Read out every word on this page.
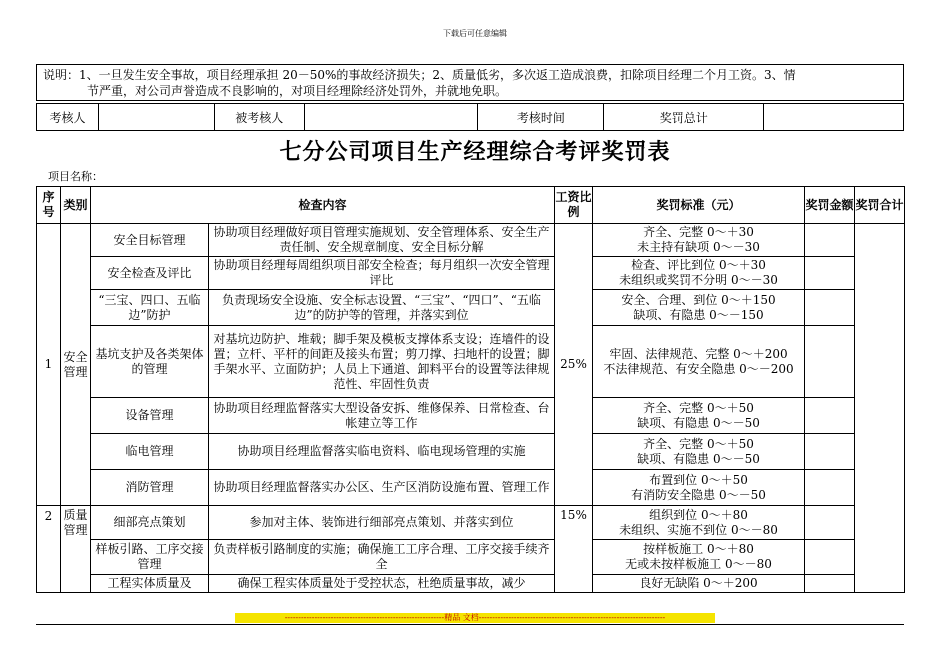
下载后可任意编辑
说明：1、一旦发生安全事故，项目经理承担 20－50%的事故经济损失；2、质量低劣，多次返工造成浪费，扣除项目经理二个月工资。3、情
节严重，对公司声誉造成不良影响的，对项目经理除经济处罚外，并就地免职。
考核人		被考核人		考核时间	奖罚总计	
七分公司项目生产经理综合考评奖罚表
项目名称：
序号	类别	检查内容		工资比例	奖罚标准（元）	奖罚金额	奖罚合计
1	安全管理	安全目标管理	协助项目经理做好项目管理实施规划、安全管理体系、安全生产责任制、安全规章制度、安全目标分解	25%	齐全、完整 0～＋30
未主持有缺项 0～－30		

		安全检查及评比	协助项目经理每周组织项目部安全检查；每月组织一次安全管理评比		检查、评比到位 0～＋30
未组织或奖罚不分明 0～－30		

		“三宝、四口、五临边”防护	负责现场安全设施、安全标志设置、“三宝”、“四口”、“五临边”的防护等的管理，并落实到位		安全、合理、到位 0～＋150
缺项、有隐患 0～－150		

		基坑支护及各类架体的管理	对基坑边防护、堆载；脚手架及模板支撑体系支设；连墙件的设置；立杆、平杆的间距及接头布置；剪刀撑、扫地杆的设置；脚手架水平、立面防护；人员上下通道、卸料平台的设置等法律规范性、牢固性负责		牢固、法律规范、完整 0～＋200
不法律规范、有安全隐患 0～－200		

		设备管理	协助项目经理监督落实大型设备安拆、维修保养、日常检查、台帐建立等工作		齐全、完整 0～＋50
缺项、有隐患 0～－50		

		临电管理	协助项目经理监督落实临电资料、临电现场管理的实施		齐全、完整 0～＋50
缺项、有隐患 0～－50		

		消防管理	协助项目经理监督落实办公区、生产区消防设施布置、管理工作		布置到位 0～＋50
有消防安全隐患 0～－50		

2	质量管理	细部亮点策划	参加对主体、装饰进行细部亮点策划、并落实到位	15%	组织到位 0～＋80
未组织、实施不到位 0～－80		

		样板引路、工序交接管理	负责样板引路制度的实施；确保施工工序合理、工序交接手续齐全		按样板施工 0～＋80
无或未按样板施工 0～－80		

		工程实体质量及	确保工程实体质量处于受控状态，杜绝质量事故，减少		良好无缺陷 0～＋200		

-----------------------------------------------------------精品 文档---------------------------------------------------------------------
